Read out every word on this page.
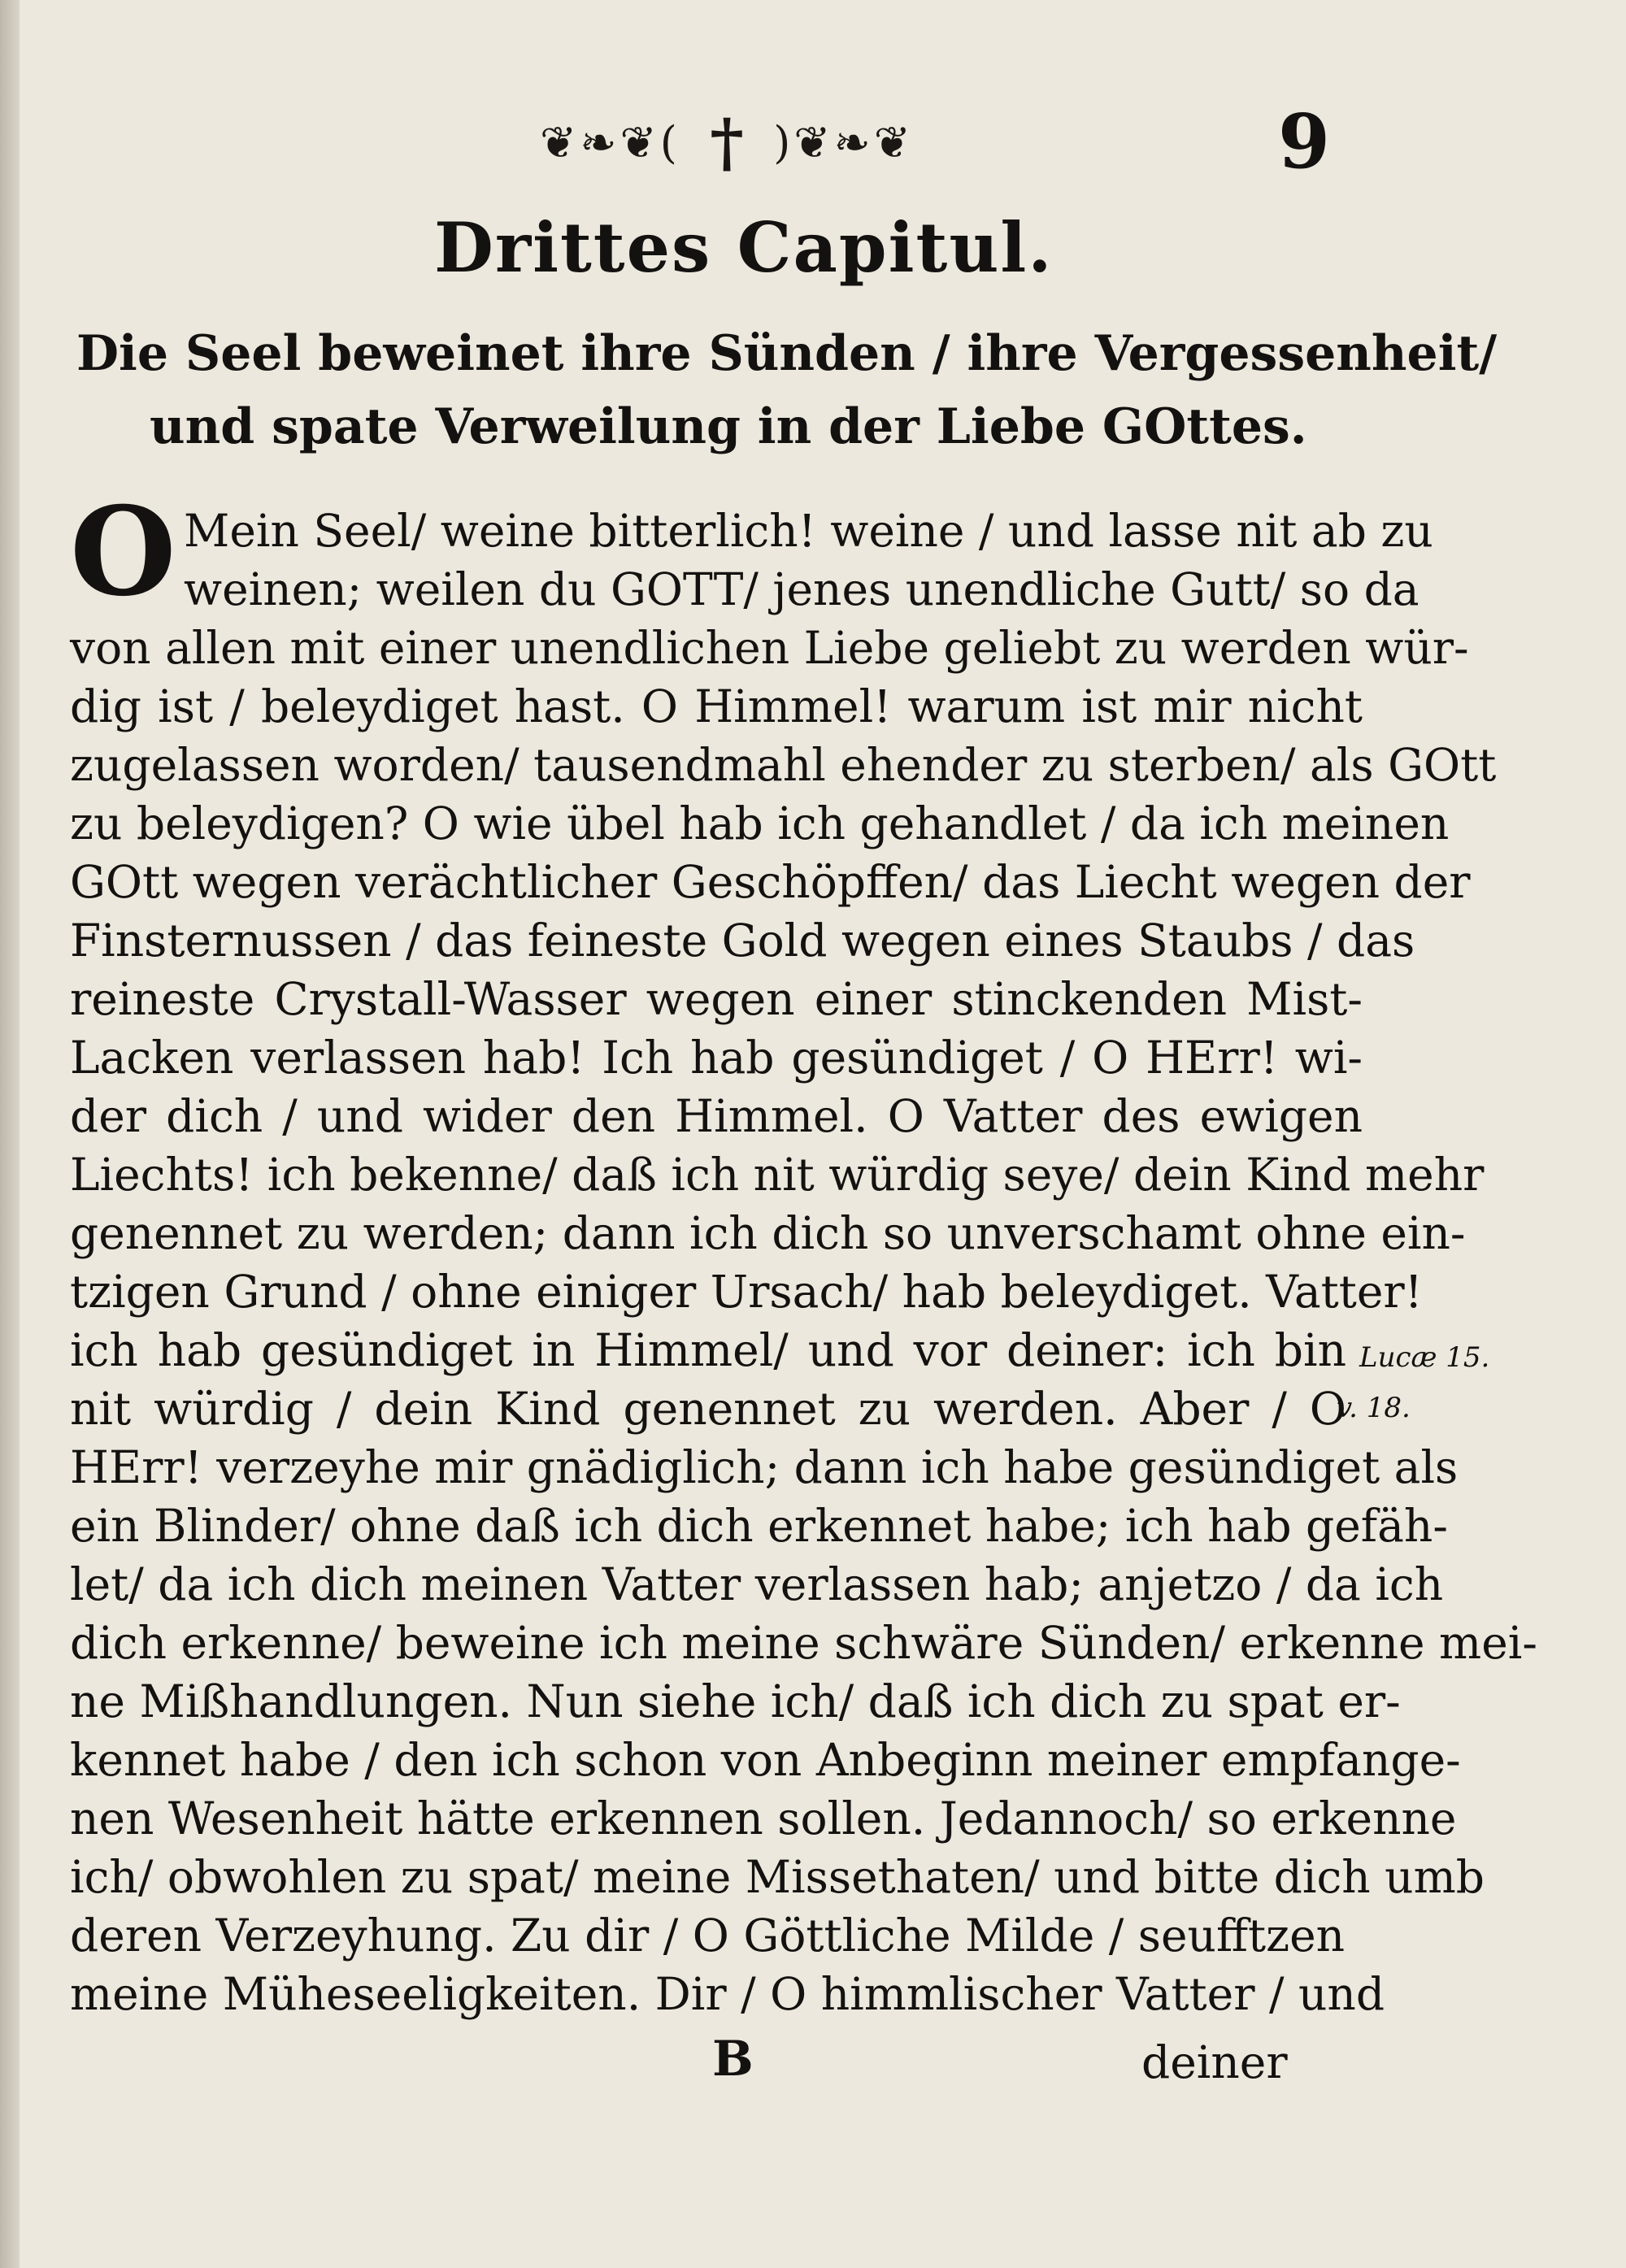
❦❧❦( † )❦❧❦	9
Drittes Capitul.
Die Seel beweinet ihre Sünden / ihre Vergessenheit/
und spate Verweilung in der Liebe GOttes.
O Mein Seel/ weine bitterlich! weine / und lasse nit ab zu
weinen; weilen du GOTT/ jenes unendliche Gutt/ so da
von allen mit einer unendlichen Liebe geliebt zu werden wür-
dig ist / beleydiget hast. O Himmel! warum ist mir nicht
zugelassen worden/ tausendmahl ehender zu sterben/ als GOtt
zu beleydigen? O wie übel hab ich gehandlet / da ich meinen
GOtt wegen verächtlicher Geschöpffen/ das Liecht wegen der
Finsternussen / das feineste Gold wegen eines Staubs / das
reineste Crystall-Wasser wegen einer stinckenden Mist-
Lacken verlassen hab! Ich hab gesündiget / O HErr! wi-
der dich / und wider den Himmel. O Vatter des ewigen
Liechts! ich bekenne/ daß ich nit würdig seye/ dein Kind mehr
genennet zu werden; dann ich dich so unverschamt ohne ein-
tzigen Grund / ohne einiger Ursach/ hab beleydiget. Vatter!
ich hab gesündiget in Himmel/ und vor deiner: ich bin
nit würdig / dein Kind genennet zu werden. Aber / O
HErr! verzeyhe mir gnädiglich; dann ich habe gesündiget als
ein Blinder/ ohne daß ich dich erkennet habe; ich hab gefäh-
let/ da ich dich meinen Vatter verlassen hab; anjetzo / da ich
dich erkenne/ beweine ich meine schwäre Sünden/ erkenne mei-
ne Mißhandlungen. Nun siehe ich/ daß ich dich zu spat er-
kennet habe / den ich schon von Anbeginn meiner empfange-
nen Wesenheit hätte erkennen sollen. Jedannoch/ so erkenne
ich/ obwohlen zu spat/ meine Missethaten/ und bitte dich umb
deren Verzeyhung. Zu dir / O Göttliche Milde / seufftzen
meine Müheseeligkeiten. Dir / O himmlischer Vatter / und
Lucæ 15.
v. 18.
B	deiner
